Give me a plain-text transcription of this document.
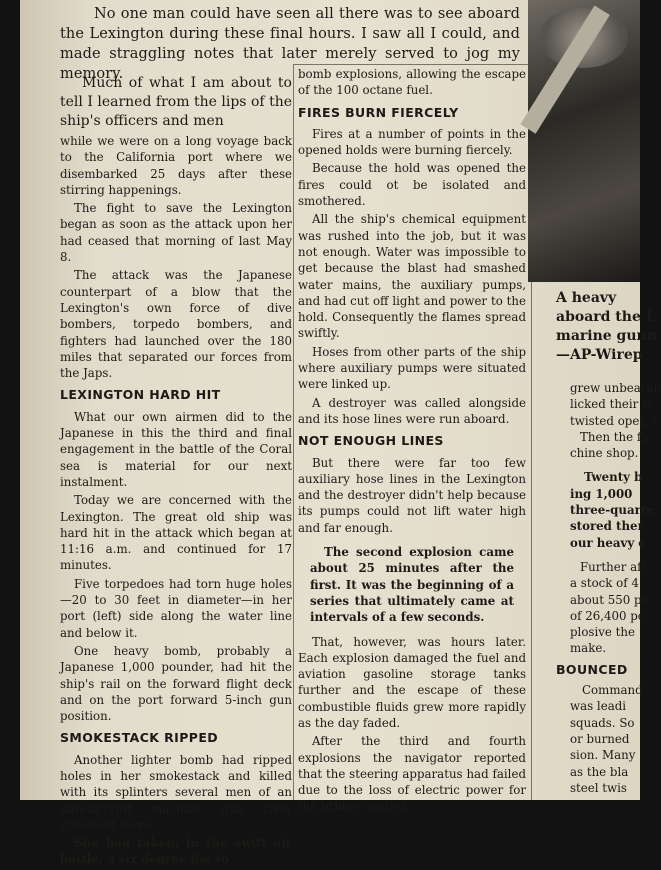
No one man could have seen all there was to see aboard the Lexington during these final hours. I saw all I could, and made straggling notes that later merely served to jog my memory.

Much of what I am about to tell I learned from the lips of the ship's officers and men

while we were on a long voyage back to the California port where we disembarked 25 days after these stirring happenings.

The fight to save the Lexington began as soon as the attack upon her had ceased that morning of last May 8.

The attack was the Japanese counterpart of a blow that the Lexington's own force of dive bombers, torpedo bombers, and fighters had launched over the 180 miles that separated our forces from the Japs.

LEXINGTON HARD HIT

What our own airmen did to the Japanese in this the third and final engagement in the battle of the Coral sea is material for our next instalment.

Today we are concerned with the Lexington. The great old ship was hard hit in the attack which began at 11:16 a.m. and continued for 17 minutes.

Five torpedoes had torn huge holes—20 to 30 feet in diameter—in her port (left) side along the water line and below it.

One heavy bomb, probably a Japanese 1,000 pounder, had hit the ship's rail on the forward flight deck and on the port forward 5-inch gun position.

SMOKESTACK RIPPED

Another lighter bomb had ripped holes in her smokestack and killed with its splinters several men of an anti-aircraft machine gun crew stationed there.

She had taken, in the swift air battle, a six degree list to

bomb explosions, allowing the escape of the 100 octane fuel.

FIRES BURN FIERCELY

Fires at a number of points in the opened holds were burning fiercely.

Because the hold was opened the fires could ot be isolated and smothered.

All the ship's chemical equipment was rushed into the job, but it was not enough. Water was impossible to get because the blast had smashed water mains, the auxiliary pumps, and had cut off light and power to the hold. Consequently the flames spread swiftly.

Hoses from other parts of the ship where auxiliary pumps were situated were linked up.

A destroyer was called alongside and its hose lines were run aboard.

NOT ENOUGH LINES

But there were far too few auxiliary hose lines in the Lexington and the destroyer didn't help because its pumps could not lift water high and far enough.

The second explosion came about 25 minutes after the first. It was the beginning of a series that ultimately came at intervals of a few seconds.

That, however, was hours later. Each explosion damaged the fuel and aviation gasoline storage tanks further and the escape of these combustible fluids grew more rapidly as the day faded.

After the third and fourth explosions the navigator reported that the steering apparatus had failed due to the loss of electric power for the bridge control.

A heavy
aboard the L
marine gunn
—AP-Wirep

grew unbearab
licked their w
twisted open s
Then the fir
chine shop.

Twenty b
ing 1,000
three-quarte
stored ther
our heavy c

Further aft
a stock of 4
about 550 po
of 26,400 po
plosive the
make.

BOUNCED

Command
was leadi
squads. So
or burned
sion. Many
as the bla
steel twis
